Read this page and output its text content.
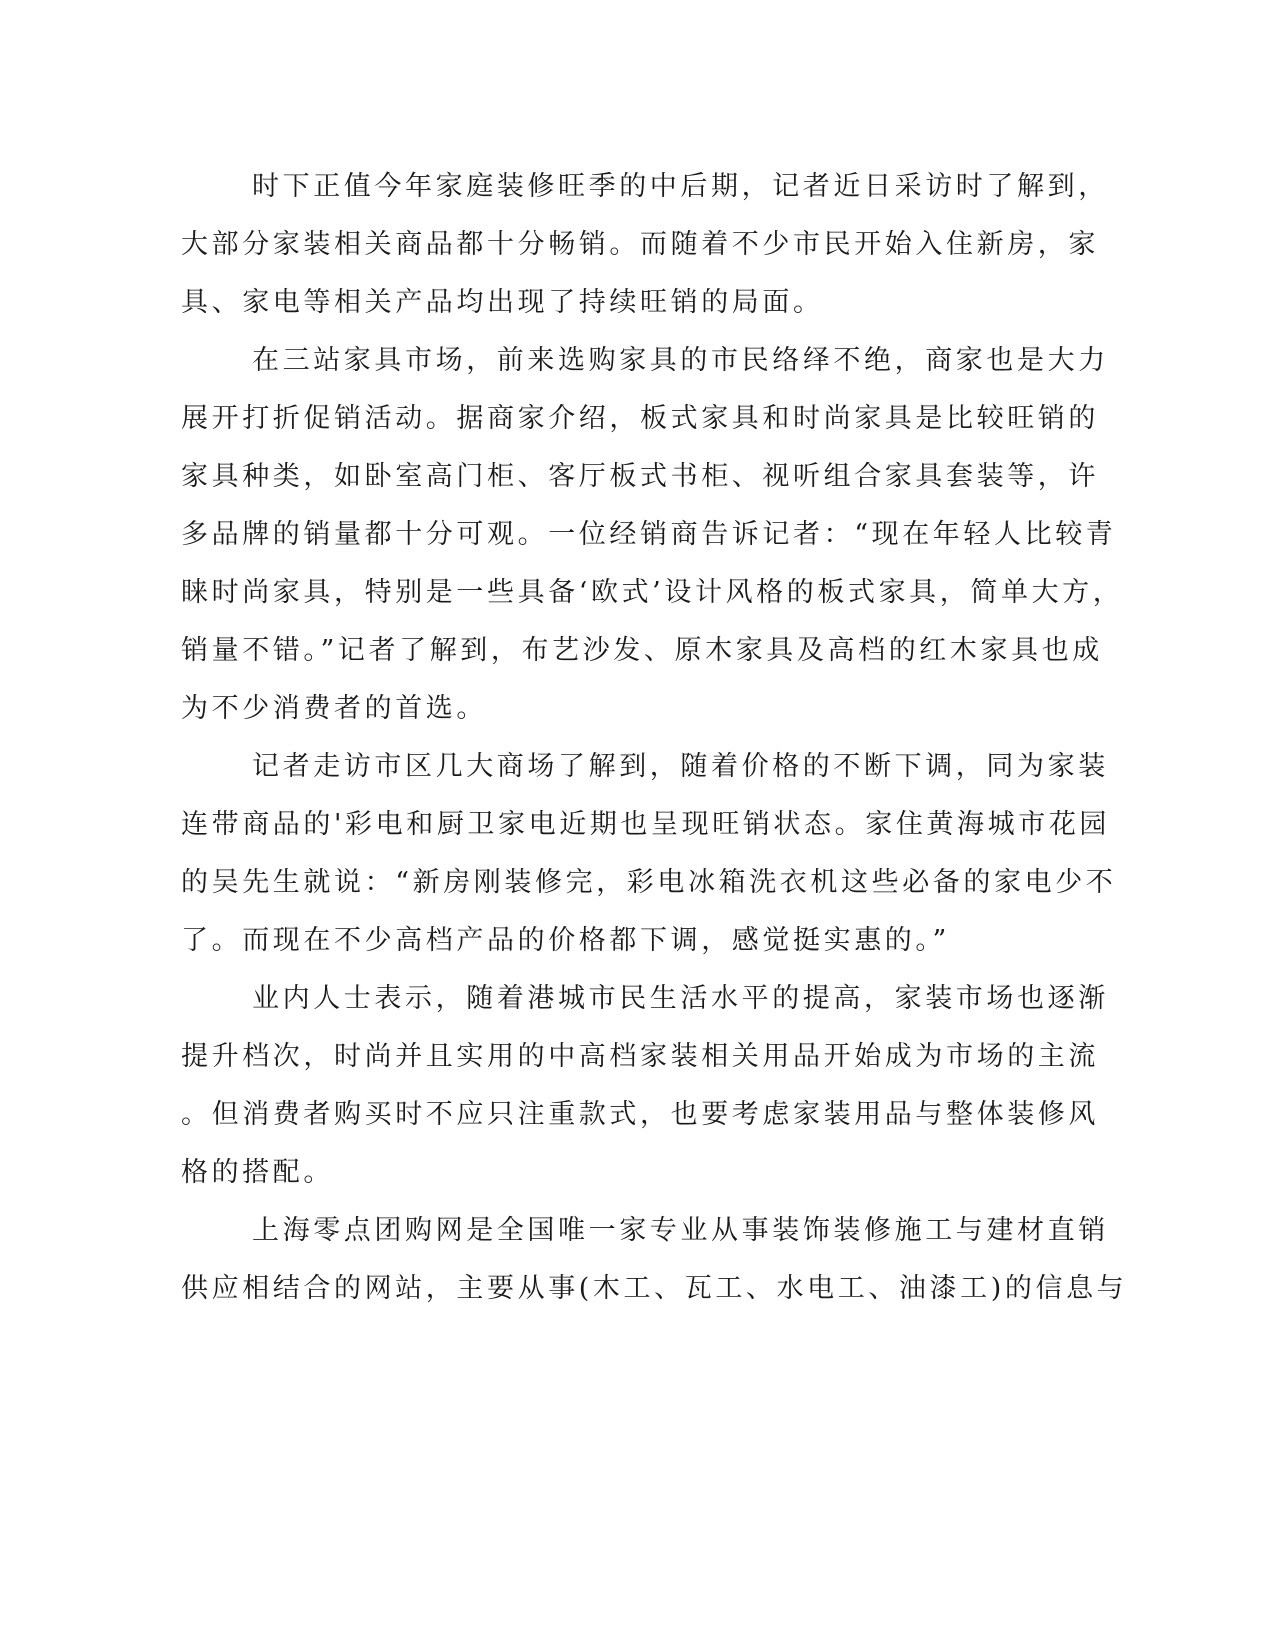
时下正值今年家庭装修旺季的中后期，记者近日采访时了解到，
大部分家装相关商品都十分畅销。而随着不少市民开始入住新房，家
具、家电等相关产品均出现了持续旺销的局面。
在三站家具市场，前来选购家具的市民络绎不绝，商家也是大力
展开打折促销活动。据商家介绍，板式家具和时尚家具是比较旺销的
家具种类，如卧室高门柜、客厅板式书柜、视听组合家具套装等，许
多品牌的销量都十分可观。一位经销商告诉记者：“现在年轻人比较青
睐时尚家具，特别是一些具备‘欧式’设计风格的板式家具，简单大方，
销量不错。”记者了解到，布艺沙发、原木家具及高档的红木家具也成
为不少消费者的首选。
记者走访市区几大商场了解到，随着价格的不断下调，同为家装
连带商品的'彩电和厨卫家电近期也呈现旺销状态。家住黄海城市花园
的吴先生就说：“新房刚装修完，彩电冰箱洗衣机这些必备的家电少不
了。而现在不少高档产品的价格都下调，感觉挺实惠的。”
业内人士表示，随着港城市民生活水平的提高，家装市场也逐渐
提升档次，时尚并且实用的中高档家装相关用品开始成为市场的主流
。但消费者购买时不应只注重款式，也要考虑家装用品与整体装修风
格的搭配。
上海零点团购网是全国唯一家专业从事装饰装修施工与建材直销
供应相结合的网站，主要从事(木工、瓦工、水电工、油漆工)的信息与
